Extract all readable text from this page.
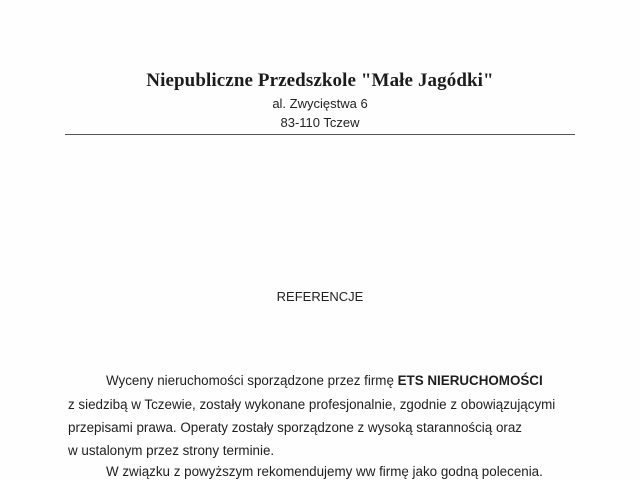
Niepubliczne Przedszkole "Małe Jagódki"
al. Zwycięstwa 6
83-110 Tczew
REFERENCJE
Wyceny nieruchomości sporządzone przez firmę ETS NIERUCHOMOŚCI
z siedzibą w Tczewie, zostały wykonane profesjonalnie, zgodnie z obowiązującymi
przepisami prawa. Operaty zostały sporządzone z wysoką starannością oraz
w ustalonym przez strony terminie.
W związku z powyższym rekomendujemy ww firmę jako godną polecenia.
